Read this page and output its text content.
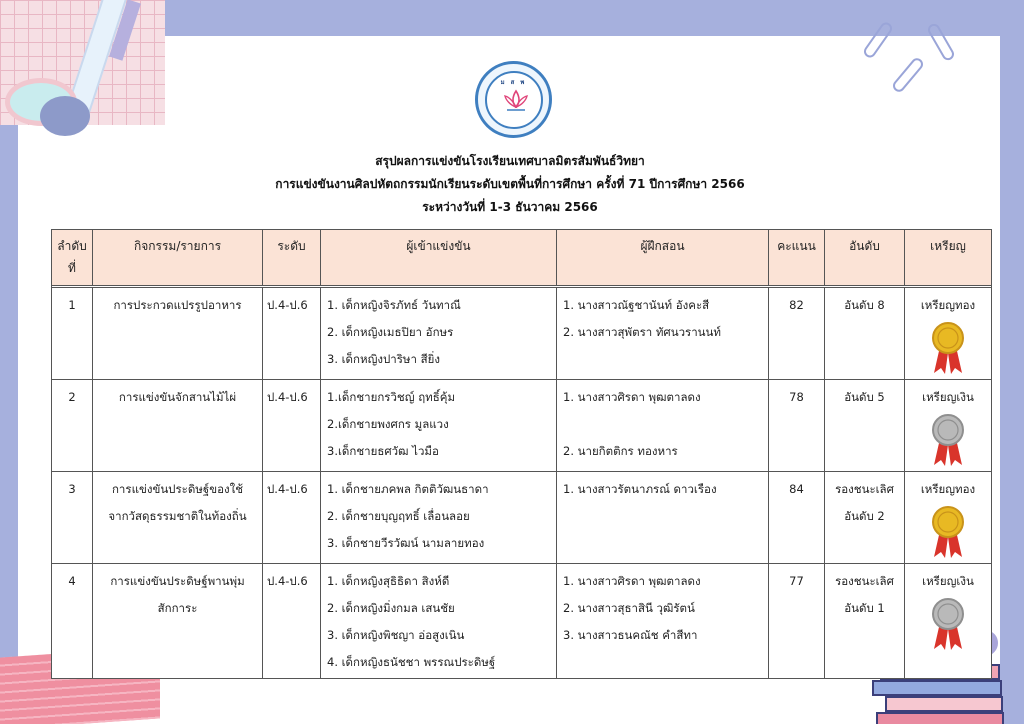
ม ส พ
สรุปผลการแข่งขันโรงเรียนเทศบาลมิตรสัมพันธ์วิทยา
การแข่งขันงานศิลปหัตถกรรมนักเรียนระดับเขตพื้นที่การศึกษา ครั้งที่ 71 ปีการศึกษา 2566
ระหว่างวันที่ 1-3 ธันวาคม 2566
ลำดับที่	กิจกรรม/รายการ	ระดับ	ผู้เข้าแข่งขัน	ผู้ฝึกสอน	คะแนน	อันดับ	เหรียญ

1	การประกวดแปรรูปอาหาร	ป.4-ป.6	1. เด็กหญิงจิรภัทธ์ วันทาณี
2. เด็กหญิงเมธปิยา อักษร
3. เด็กหญิงปาริษา สียิ่ง	1. นางสาวณัฐชานันท์ อังคะสี
2. นางสาวสุพัตรา ทัศนวรานนท์	82	อันดับ 8	เหรียญทอง

2	การแข่งขันจักสานไม้ไผ่	ป.4-ป.6	1.เด็กชายกรวิชญ์ ฤทธิ์คุ้ม
2.เด็กชายพงศกร มูลแวง
3.เด็กชายธศวัฒ ไวมือ	1. นางสาวศิรดา พุฒตาลดง
2. นายกิตติกร ทองหาร	78	อันดับ 5	เหรียญเงิน

3	การแข่งขันประดิษฐ์ของใช้
จากวัสดุธรรมชาติในท้องถิ่น	ป.4-ป.6	1. เด็กชายภคพล กิตติวัฒนธาดา
2. เด็กชายบุญฤทธิ์ เลื่อนลอย
3. เด็กชายวีรวัฒน์ นามลายทอง	1. นางสาวรัตนาภรณ์ ดาวเรือง	84	รองชนะเลิศ
อันดับ 2	เหรียญทอง

4	การแข่งขันประดิษฐ์พานพุ่ม
สักการะ	ป.4-ป.6	1. เด็กหญิงสุธิธิดา สิงห์ดี
2. เด็กหญิงมิ่งกมล เสนชัย
3. เด็กหญิงพิชญา อ่อสูงเนิน
4. เด็กหญิงธนัชชา พรรณประดิษฐ์	1. นางสาวศิรดา พุฒตาลดง
2. นางสาวสุธาสินี วุฒิรัตน์
3. นางสาวธนคณัช คำสีทา	77	รองชนะเลิศ
อันดับ 1	เหรียญเงิน
